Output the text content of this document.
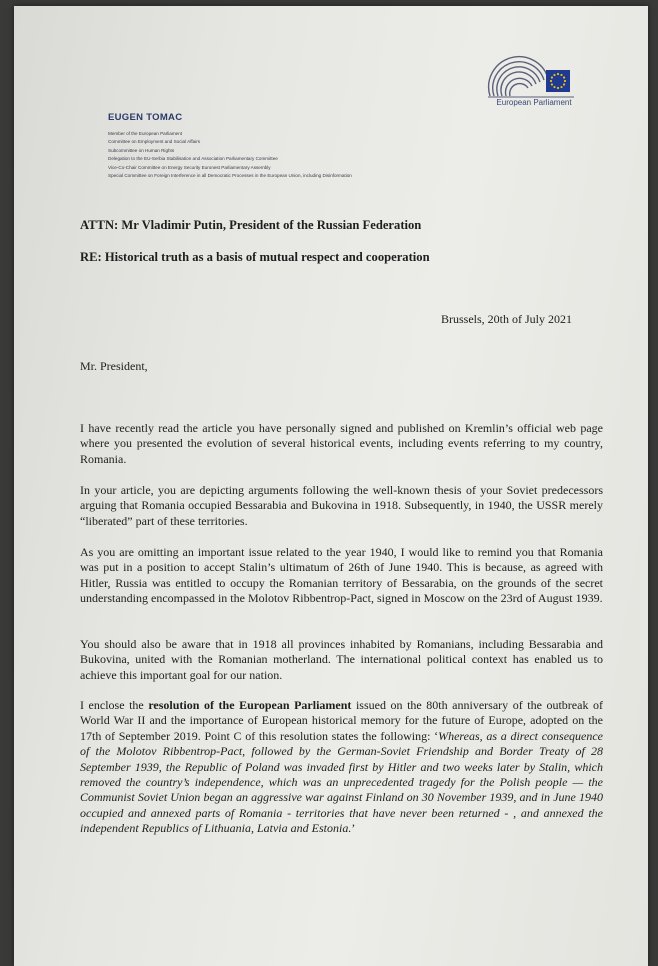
European Parliament
EUGEN TOMAC
Member of the European Parliament
Committee on Employment and Social Affairs
Subcommittee on Human Rights
Delegation to the EU-Serbia Stabilisation and Association Parliamentary Committee
Vice-Co-Chair Committee on Energy Security Euronest Parliamentary Assembly
Special Committee on Foreign Interference in all Democratic Processes in the European Union, including Disinformation
ATTN: Mr Vladimir Putin, President of the Russian Federation
RE: Historical truth as a basis of mutual respect and cooperation
Brussels, 20th of July 2021
Mr. President,

I have recently read the article you have personally signed and published on Kremlin’s official web page where you presented the evolution of several historical events, including events referring to my country, Romania.

In your article, you are depicting arguments following the well-known thesis of your Soviet predecessors arguing that Romania occupied Bessarabia and Bukovina in 1918. Subsequently, in 1940, the USSR merely “liberated” part of these territories.

As you are omitting an important issue related to the year 1940, I would like to remind you that Romania was put in a position to accept Stalin’s ultimatum of 26th of June 1940. This is because, as agreed with Hitler, Russia was entitled to occupy the Romanian territory of Bessarabia, on the grounds of the secret understanding encompassed in the Molotov Ribbentrop-Pact, signed in Moscow on the 23rd of August 1939.

You should also be aware that in 1918 all provinces inhabited by Romanians, including Bessarabia and Bukovina, united with the Romanian motherland. The international political context has enabled us to achieve this important goal for our nation.

I enclose the resolution of the European Parliament issued on the 80th anniversary of the outbreak of World War II and the importance of European historical memory for the future of Europe, adopted on the 17th of September 2019. Point C of this resolution states the following: ‘Whereas, as a direct consequence of the Molotov Ribbentrop-Pact, followed by the German-Soviet Friendship and Border Treaty of 28 September 1939, the Republic of Poland was invaded first by Hitler and two weeks later by Stalin, which removed the country’s independence, which was an unprecedented tragedy for the Polish people — the Communist Soviet Union began an aggressive war against Finland on 30 November 1939, and in June 1940 occupied and annexed parts of Romania - territories that have never been returned - , and annexed the independent Republics of Lithuania, Latvia and Estonia.’
